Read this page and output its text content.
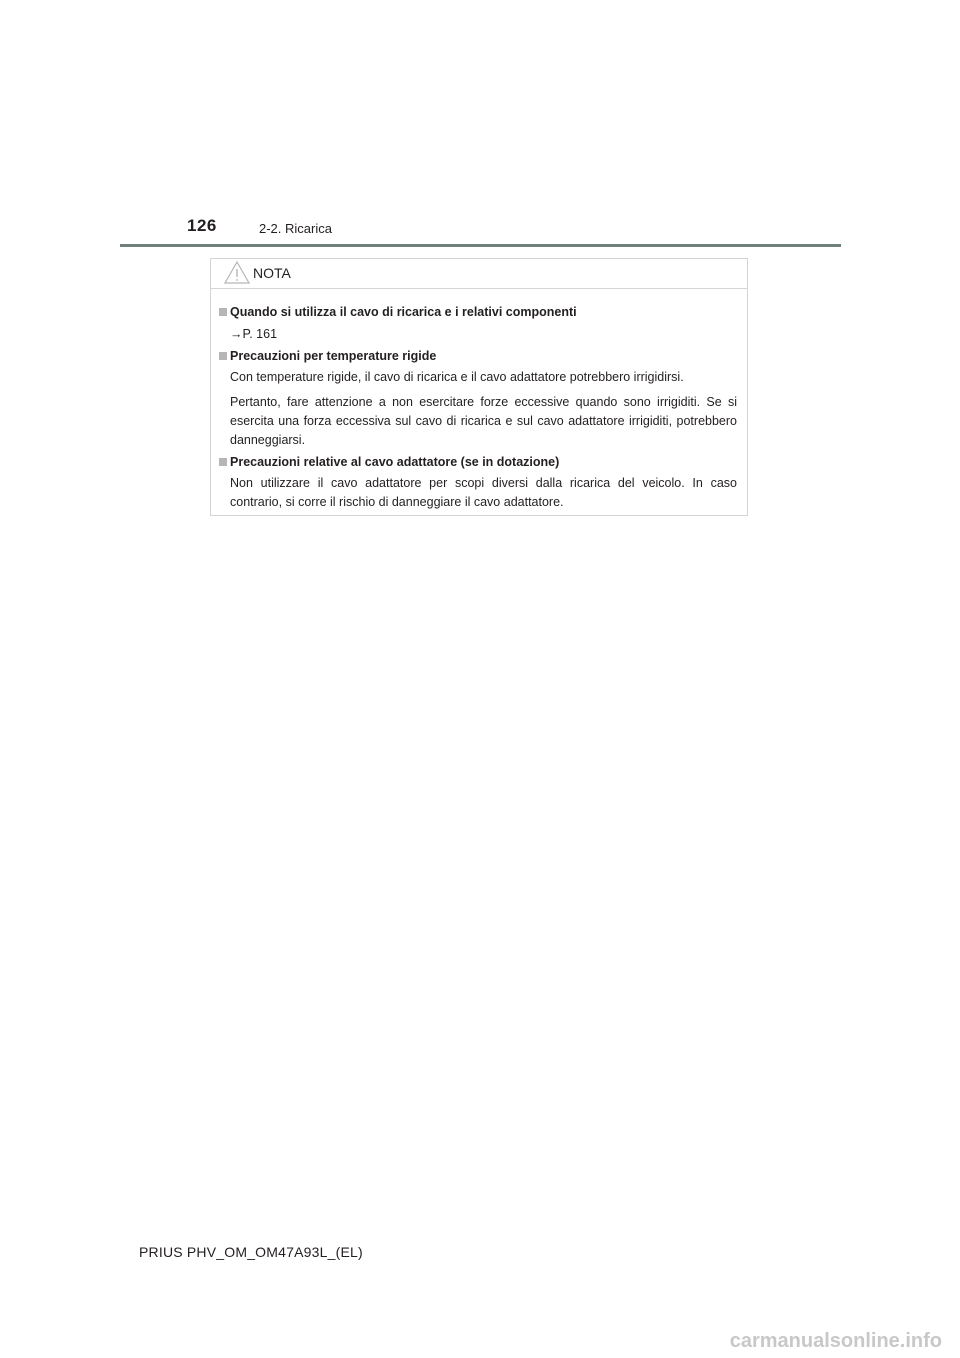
126	2-2. Ricarica
NOTA
Quando si utilizza il cavo di ricarica e i relativi componenti
→P. 161
Precauzioni per temperature rigide
Con temperature rigide, il cavo di ricarica e il cavo adattatore potrebbero irrigidirsi.
Pertanto, fare attenzione a non esercitare forze eccessive quando sono irrigiditi. Se si esercita una forza eccessiva sul cavo di ricarica e sul cavo adattatore irrigiditi, potrebbero danneggiarsi.
Precauzioni relative al cavo adattatore (se in dotazione)
Non utilizzare il cavo adattatore per scopi diversi dalla ricarica del veicolo. In caso contrario, si corre il rischio di danneggiare il cavo adattatore.
PRIUS PHV_OM_OM47A93L_(EL)
carmanualsonline.info
